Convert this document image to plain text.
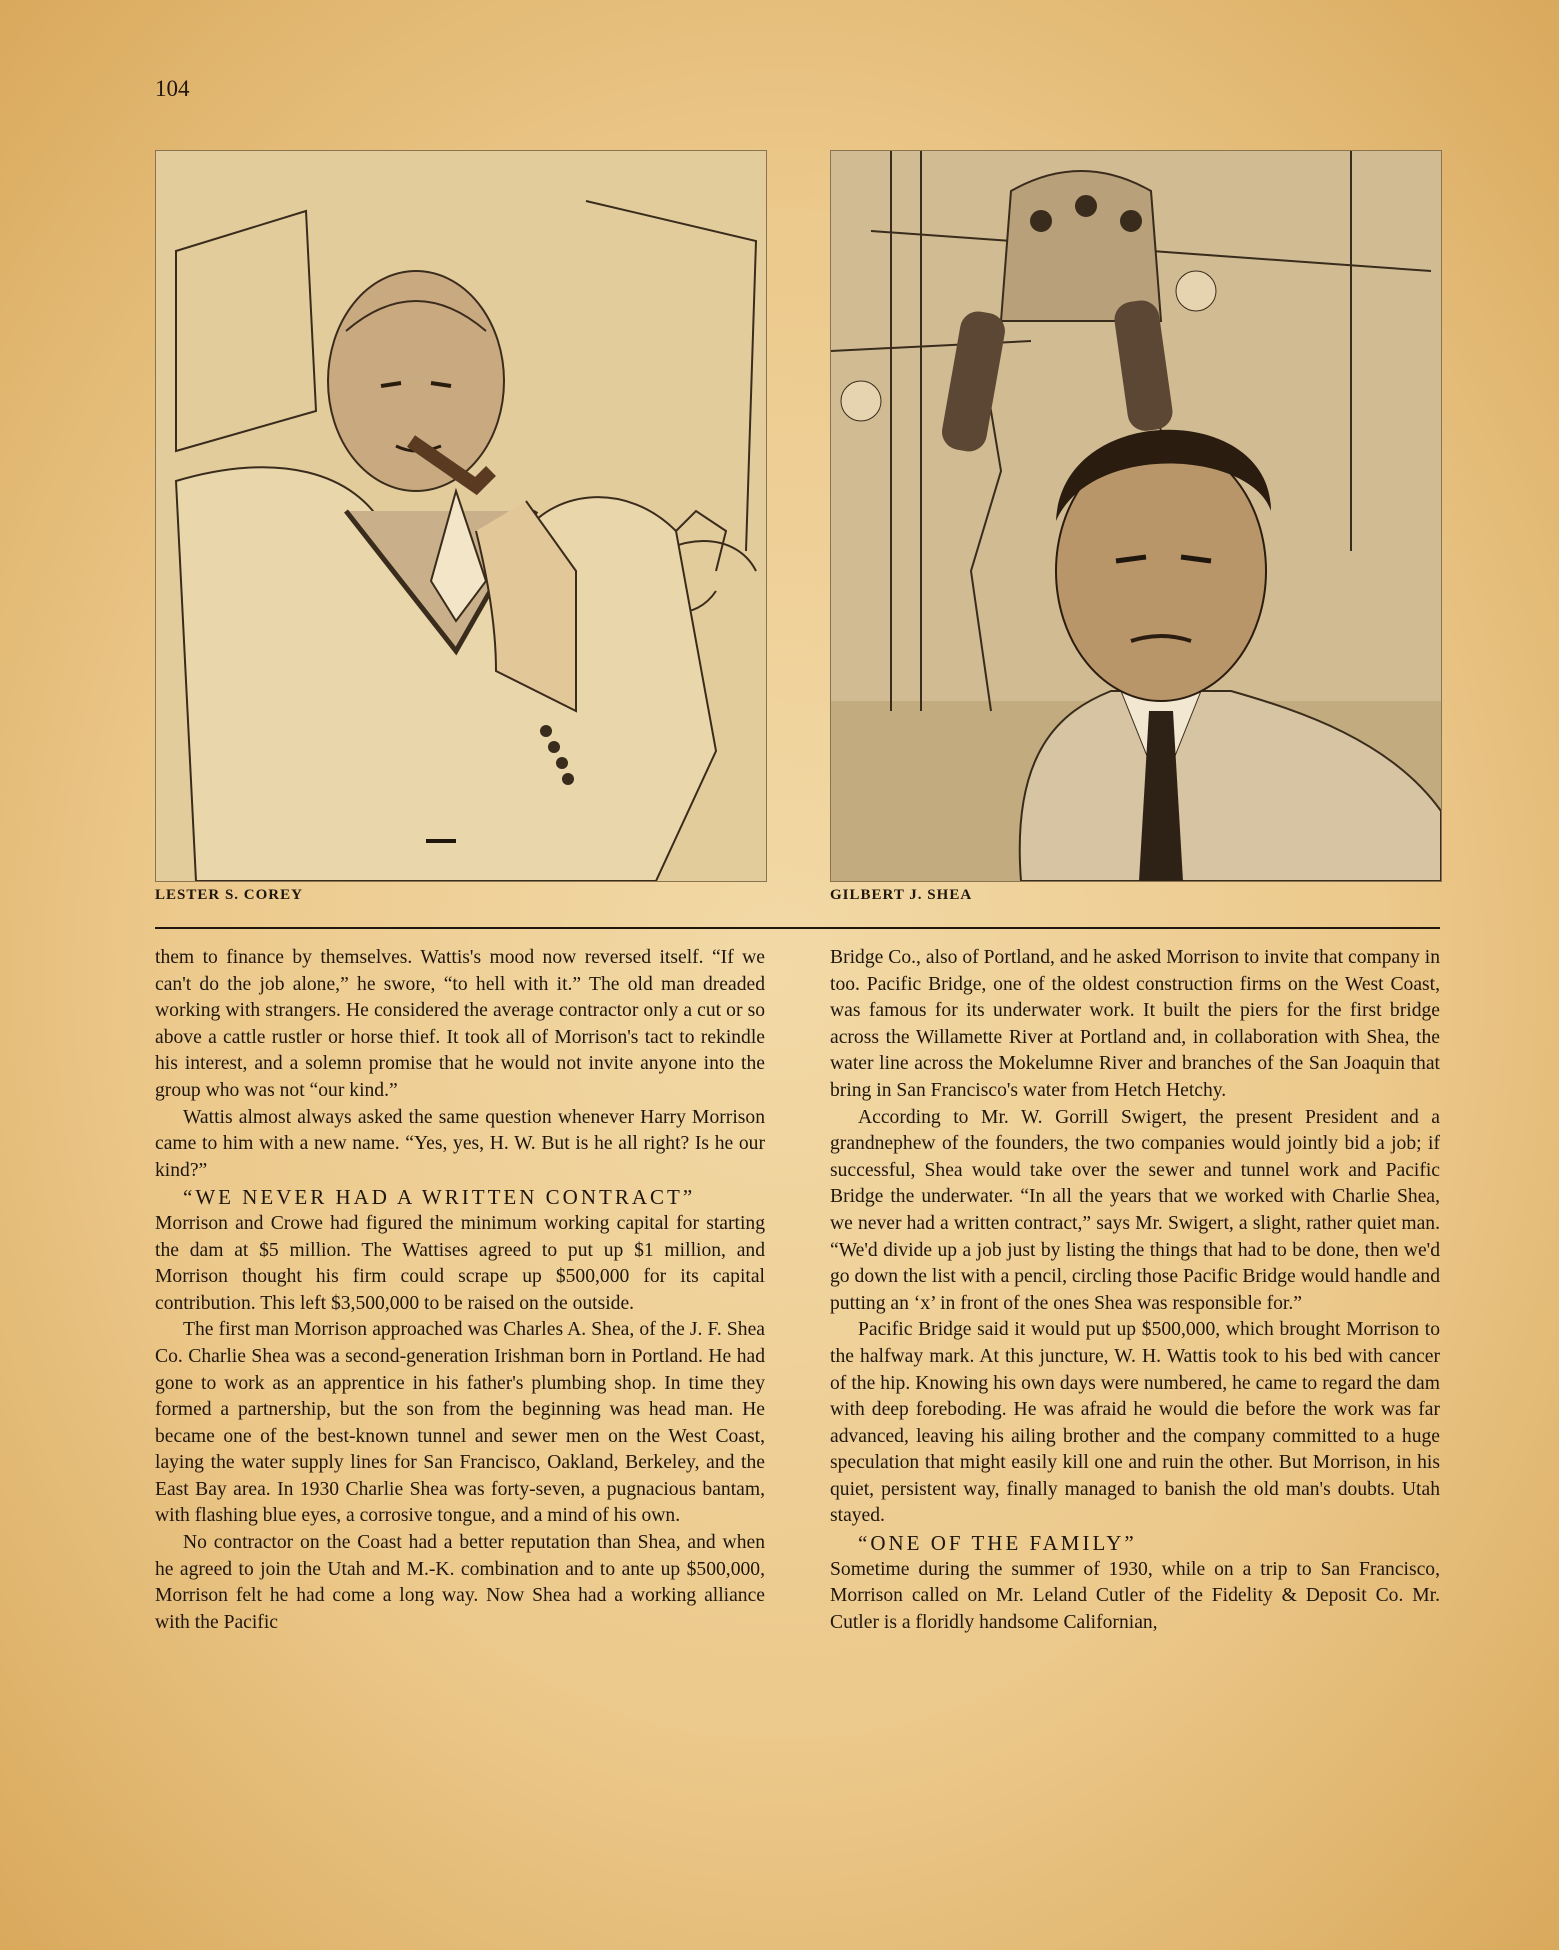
104
LESTER S. COREY	GILBERT J. SHEA

them to finance by themselves. Wattis's mood now reversed itself. “If we can't do the job alone,” he swore, “to hell with it.” The old man dreaded working with strangers. He considered the average contractor only a cut or so above a cattle rustler or horse thief. It took all of Morrison's tact to rekindle his interest, and a solemn promise that he would not invite anyone into the group who was not “our kind.”

Wattis almost always asked the same question whenever Harry Morrison came to him with a new name. “Yes, yes, H. W. But is he all right? Is he our kind?”

“WE NEVER HAD A WRITTEN CONTRACT”

Morrison and Crowe had figured the minimum working capital for starting the dam at $5 million. The Wattises agreed to put up $1 million, and Morrison thought his firm could scrape up $500,000 for its capital contribution. This left $3,500,000 to be raised on the outside.

The first man Morrison approached was Charles A. Shea, of the J. F. Shea Co. Charlie Shea was a second-generation Irishman born in Portland. He had gone to work as an apprentice in his father's plumbing shop. In time they formed a partnership, but the son from the beginning was head man. He became one of the best-known tunnel and sewer men on the West Coast, laying the water supply lines for San Francisco, Oakland, Berkeley, and the East Bay area. In 1930 Charlie Shea was forty-seven, a pugnacious bantam, with flashing blue eyes, a corrosive tongue, and a mind of his own.

No contractor on the Coast had a better reputation than Shea, and when he agreed to join the Utah and M.-K. combination and to ante up $500,000, Morrison felt he had come a long way. Now Shea had a working alliance with the Pacific

Bridge Co., also of Portland, and he asked Morrison to invite that company in too. Pacific Bridge, one of the oldest construction firms on the West Coast, was famous for its underwater work. It built the piers for the first bridge across the Willamette River at Portland and, in collaboration with Shea, the water line across the Mokelumne River and branches of the San Joaquin that bring in San Francisco's water from Hetch Hetchy.

According to Mr. W. Gorrill Swigert, the present President and a grandnephew of the founders, the two companies would jointly bid a job; if successful, Shea would take over the sewer and tunnel work and Pacific Bridge the underwater. “In all the years that we worked with Charlie Shea, we never had a written contract,” says Mr. Swigert, a slight, rather quiet man. “We'd divide up a job just by listing the things that had to be done, then we'd go down the list with a pencil, circling those Pacific Bridge would handle and putting an ‘x’ in front of the ones Shea was responsible for.”

Pacific Bridge said it would put up $500,000, which brought Morrison to the halfway mark. At this juncture, W. H. Wattis took to his bed with cancer of the hip. Knowing his own days were numbered, he came to regard the dam with deep foreboding. He was afraid he would die before the work was far advanced, leaving his ailing brother and the company committed to a huge speculation that might easily kill one and ruin the other. But Morrison, in his quiet, persistent way, finally managed to banish the old man's doubts. Utah stayed.

“ONE OF THE FAMILY”

Sometime during the summer of 1930, while on a trip to San Francisco, Morrison called on Mr. Leland Cutler of the Fidelity & Deposit Co. Mr. Cutler is a floridly handsome Californian,
